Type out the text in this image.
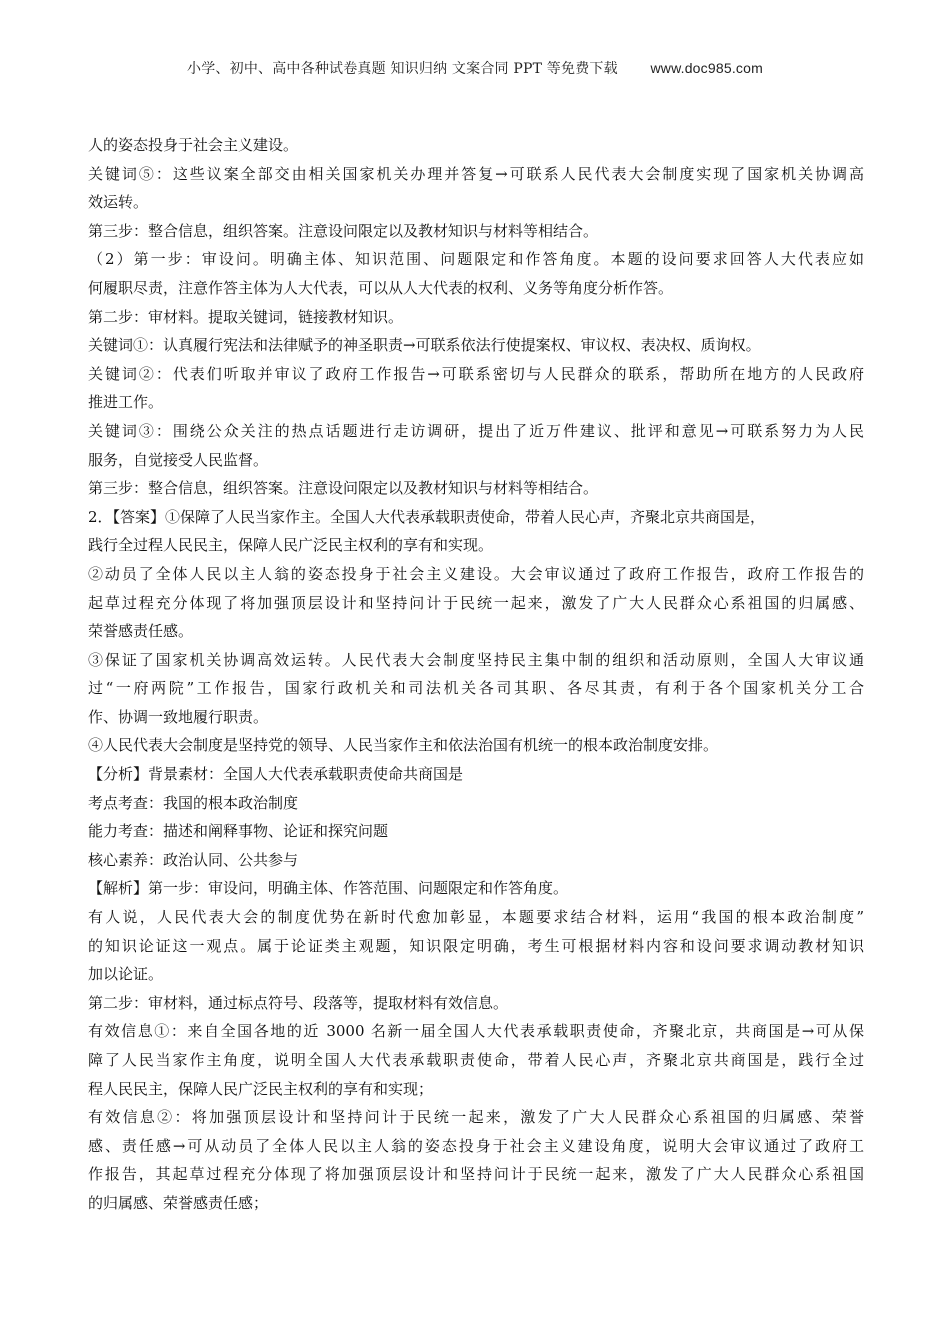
小学、初中、高中各种试卷真题 知识归纳 文案合同 PPT 等免费下载 www.doc985.com
人的姿态投身于社会主义建设。
关键词⑤：这些议案全部交由相关国家机关办理并答复→可联系人民代表大会制度实现了国家机关协调高
效运转。
第三步：整合信息，组织答案。注意设问限定以及教材知识与材料等相结合。
（2）第一步：审设问。明确主体、知识范围、问题限定和作答角度。本题的设问要求回答人大代表应如
何履职尽责，注意作答主体为人大代表，可以从人大代表的权利、义务等角度分析作答。
第二步：审材料。提取关键词，链接教材知识。
关键词①：认真履行宪法和法律赋予的神圣职责→可联系依法行使提案权、审议权、表决权、质询权。
关键词②：代表们听取并审议了政府工作报告→可联系密切与人民群众的联系，帮助所在地方的人民政府
推进工作。
关键词③：围绕公众关注的热点话题进行走访调研，提出了近万件建议、批评和意见→可联系努力为人民
服务，自觉接受人民监督。
第三步：整合信息，组织答案。注意设问限定以及教材知识与材料等相结合。
2．【答案】①保障了人民当家作主。全国人大代表承载职责使命，带着人民心声，齐聚北京共商国是，
践行全过程人民民主，保障人民广泛民主权利的享有和实现。
②动员了全体人民以主人翁的姿态投身于社会主义建设。大会审议通过了政府工作报告，政府工作报告的
起草过程充分体现了将加强顶层设计和坚持问计于民统一起来，激发了广大人民群众心系祖国的归属感、
荣誉感责任感。
③保证了国家机关协调高效运转。人民代表大会制度坚持民主集中制的组织和活动原则，全国人大审议通
过“一府两院”工作报告，国家行政机关和司法机关各司其职、各尽其责，有利于各个国家机关分工合
作、协调一致地履行职责。
④人民代表大会制度是坚持党的领导、人民当家作主和依法治国有机统一的根本政治制度安排。
【分析】背景素材：全国人大代表承载职责使命共商国是
考点考查：我国的根本政治制度
能力考查：描述和阐释事物、论证和探究问题
核心素养：政治认同、公共参与
【解析】第一步：审设问，明确主体、作答范围、问题限定和作答角度。
有人说，人民代表大会的制度优势在新时代愈加彰显，本题要求结合材料，运用“我国的根本政治制度”
的知识论证这一观点。属于论证类主观题，知识限定明确，考生可根据材料内容和设问要求调动教材知识
加以论证。
第二步：审材料，通过标点符号、段落等，提取材料有效信息。
有效信息①：来自全国各地的近 3000 名新一届全国人大代表承载职责使命，齐聚北京，共商国是→可从保
障了人民当家作主角度，说明全国人大代表承载职责使命，带着人民心声，齐聚北京共商国是，践行全过
程人民民主，保障人民广泛民主权利的享有和实现；
有效信息②：将加强顶层设计和坚持问计于民统一起来，激发了广大人民群众心系祖国的归属感、荣誉
感、责任感→可从动员了全体人民以主人翁的姿态投身于社会主义建设角度，说明大会审议通过了政府工
作报告，其起草过程充分体现了将加强顶层设计和坚持问计于民统一起来，激发了广大人民群众心系祖国
的归属感、荣誉感责任感；
